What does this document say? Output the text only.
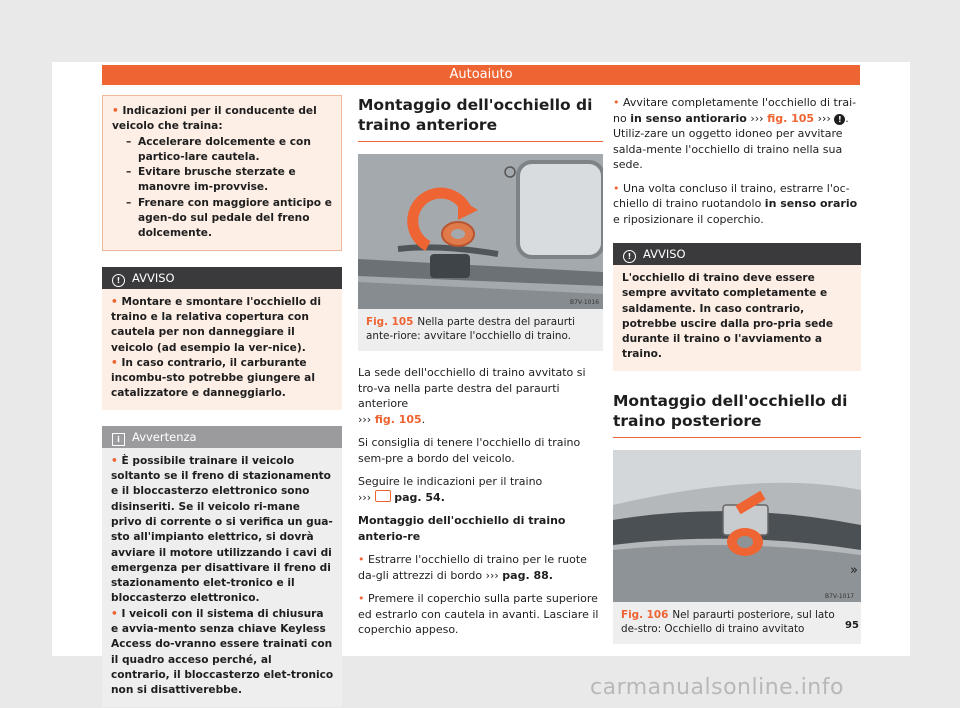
Autoaiuto
• Indicazioni per il conducente del veicolo che traina:
– Accelerare dolcemente e con partico-lare cautela.
– Evitare brusche sterzate e manovre im-provvise.
– Frenare con maggiore anticipo e agen-do sul pedale del freno dolcemente.
! AVVISO
• Montare e smontare l'occhiello di traino e la relativa copertura con cautela per non danneggiare il veicolo (ad esempio la ver-nice).
• In caso contrario, il carburante incombu-sto potrebbe giungere al catalizzatore e danneggiarlo.
i Avvertenza
• È possibile trainare il veicolo soltanto se il freno di stazionamento e il bloccasterzo elettronico sono disinseriti. Se il veicolo ri-mane privo di corrente o si verifica un gua-sto all'impianto elettrico, si dovrà avviare il motore utilizzando i cavi di emergenza per disattivare il freno di stazionamento elet-tronico e il bloccasterzo elettronico.
• I veicoli con il sistema di chiusura e avvia-mento senza chiave Keyless Access do-vranno essere trainati con il quadro acceso perché, al contrario, il bloccasterzo elet-tronico non si disattiverebbe.
Montaggio dell'occhiello di traino anteriore
B7V-1016
Fig. 105 Nella parte destra del paraurti ante-riore: avvitare l'occhiello di traino.

La sede dell'occhiello di traino avvitato si tro-va nella parte destra del paraurti anteriore
››› fig. 105.

Si consiglia di tenere l'occhiello di traino sem-pre a bordo del veicolo.

Seguire le indicazioni per il traino
››› pag. 54.

Montaggio dell'occhiello di traino anterio-re

• Estrarre l'occhiello di traino per le ruote da-gli attrezzi di bordo ››› pag. 88.

• Premere il coperchio sulla parte superiore ed estrarlo con cautela in avanti. Lasciare il coperchio appeso.

• Avvitare completamente l'occhiello di trai-no in senso antiorario ››› fig. 105 ››› ! . Utiliz-zare un oggetto idoneo per avvitare salda-mente l'occhiello di traino nella sua sede.

• Una volta concluso il traino, estrarre l'oc-chiello di traino ruotandolo in senso orario e riposizionare il coperchio.

! AVVISO
L'occhiello di traino deve essere sempre avvitato completamente e saldamente. In caso contrario, potrebbe uscire dalla pro-pria sede durante il traino o l'avviamento a traino.
Montaggio dell'occhiello di traino posteriore
B7V-1017
Fig. 106 Nel paraurti posteriore, sul lato de-stro: Occhiello di traino avvitato
»
95
carmanualsonline.info
